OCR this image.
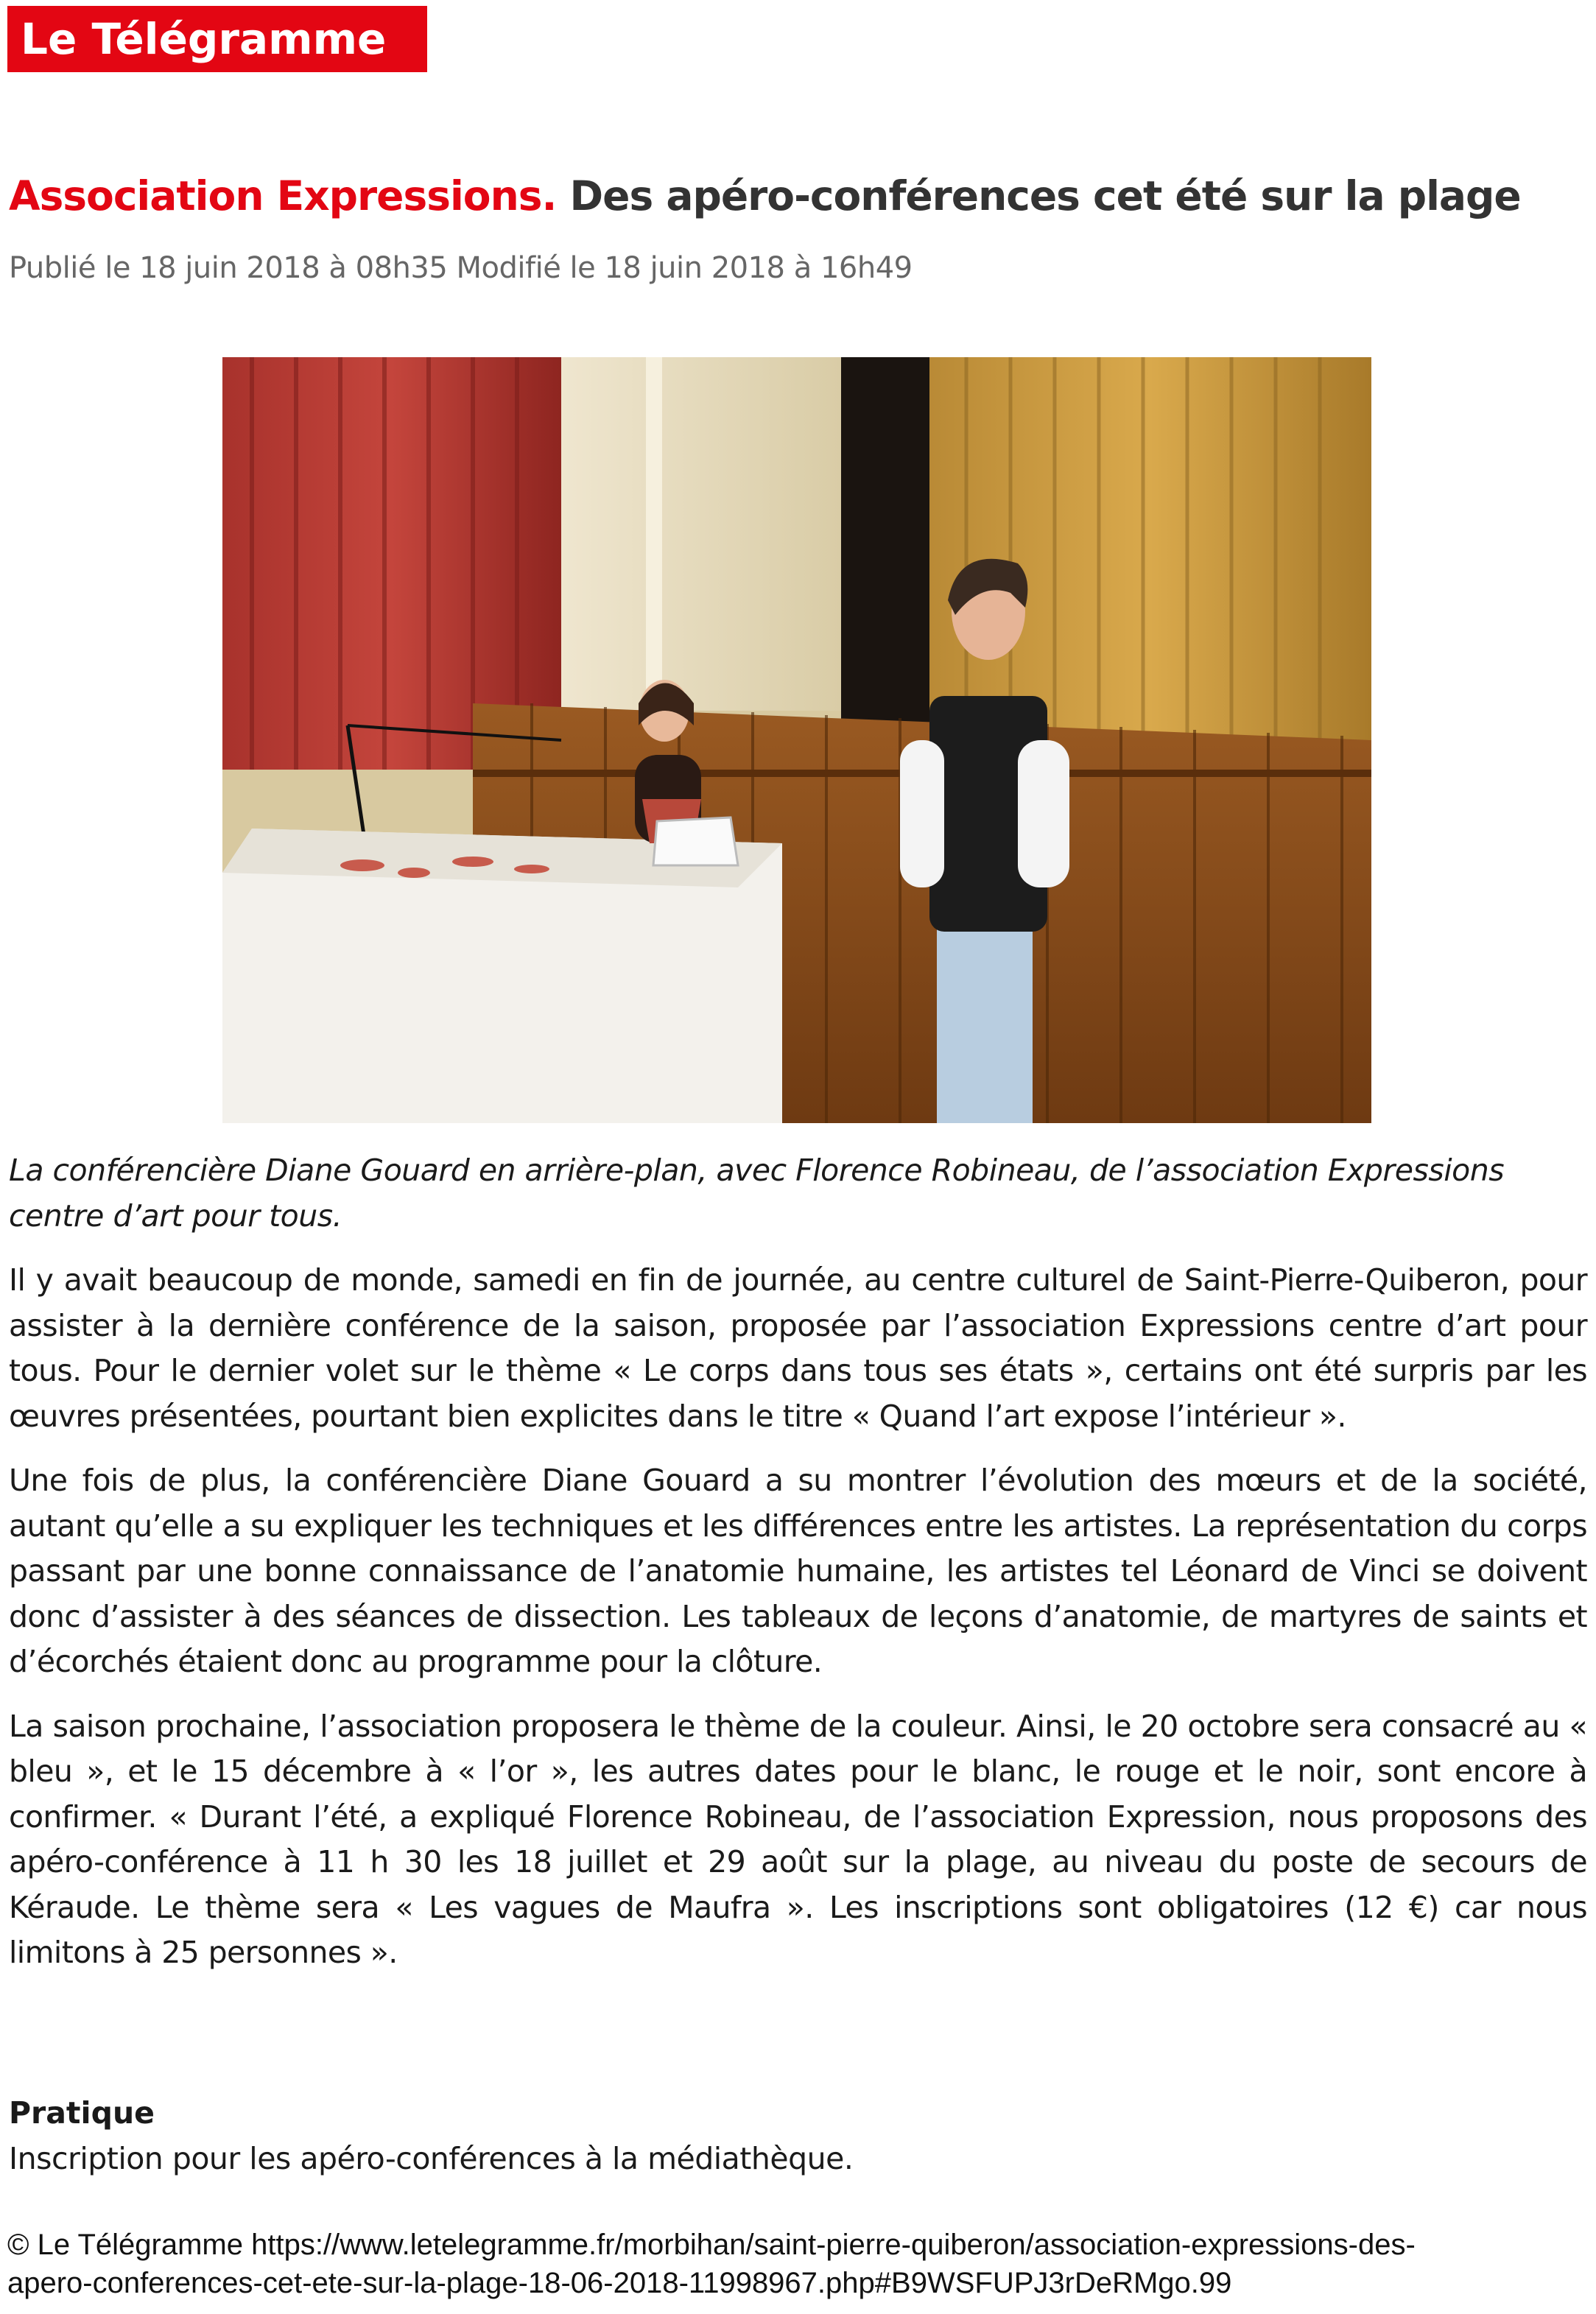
Le Télégramme
Association Expressions. Des apéro-conférences cet été sur la plage
Publié le 18 juin 2018 à 08h35 Modifié le 18 juin 2018 à 16h49
La conférencière Diane Gouard en arrière-plan, avec Florence Robineau, de l’association Expressions centre d’art pour tous.

Il y avait beaucoup de monde, samedi en fin de journée, au centre culturel de Saint-Pierre-Quiberon, pour assister à la dernière conférence de la saison, proposée par l’association Expressions centre d’art pour tous. Pour le dernier volet sur le thème « Le corps dans tous ses états », certains ont été surpris par les œuvres présentées, pourtant bien explicites dans le titre « Quand l’art expose l’intérieur ».

Une fois de plus, la conférencière Diane Gouard a su montrer l’évolution des mœurs et de la société, autant qu’elle a su expliquer les techniques et les différences entre les artistes. La représentation du corps passant par une bonne connaissance de l’anatomie humaine, les artistes tel Léonard de Vinci se doivent donc d’assister à des séances de dissection. Les tableaux de leçons d’anatomie, de martyres de saints et d’écorchés étaient donc au programme pour la clôture.

La saison prochaine, l’association proposera le thème de la couleur. Ainsi, le 20 octobre sera consacré au « bleu », et le 15 décembre à « l’or », les autres dates pour le blanc, le rouge et le noir, sont encore à confirmer. « Durant l’été, a expliqué Florence Robineau, de l’association Expression, nous proposons des apéro-conférence à 11 h 30 les 18 juillet et 29 août sur la plage, au niveau du poste de secours de Kéraude. Le thème sera « Les vagues de Maufra ». Les inscriptions sont obligatoires (12 €) car nous limitons à 25 personnes ».

Pratique
Inscription pour les apéro-conférences à la médiathèque.
© Le Télégramme https://www.letelegramme.fr/morbihan/saint-pierre-quiberon/association-expressions-des-
apero-conferences-cet-ete-sur-la-plage-18-06-2018-11998967.php#B9WSFUPJ3rDeRMgo.99
